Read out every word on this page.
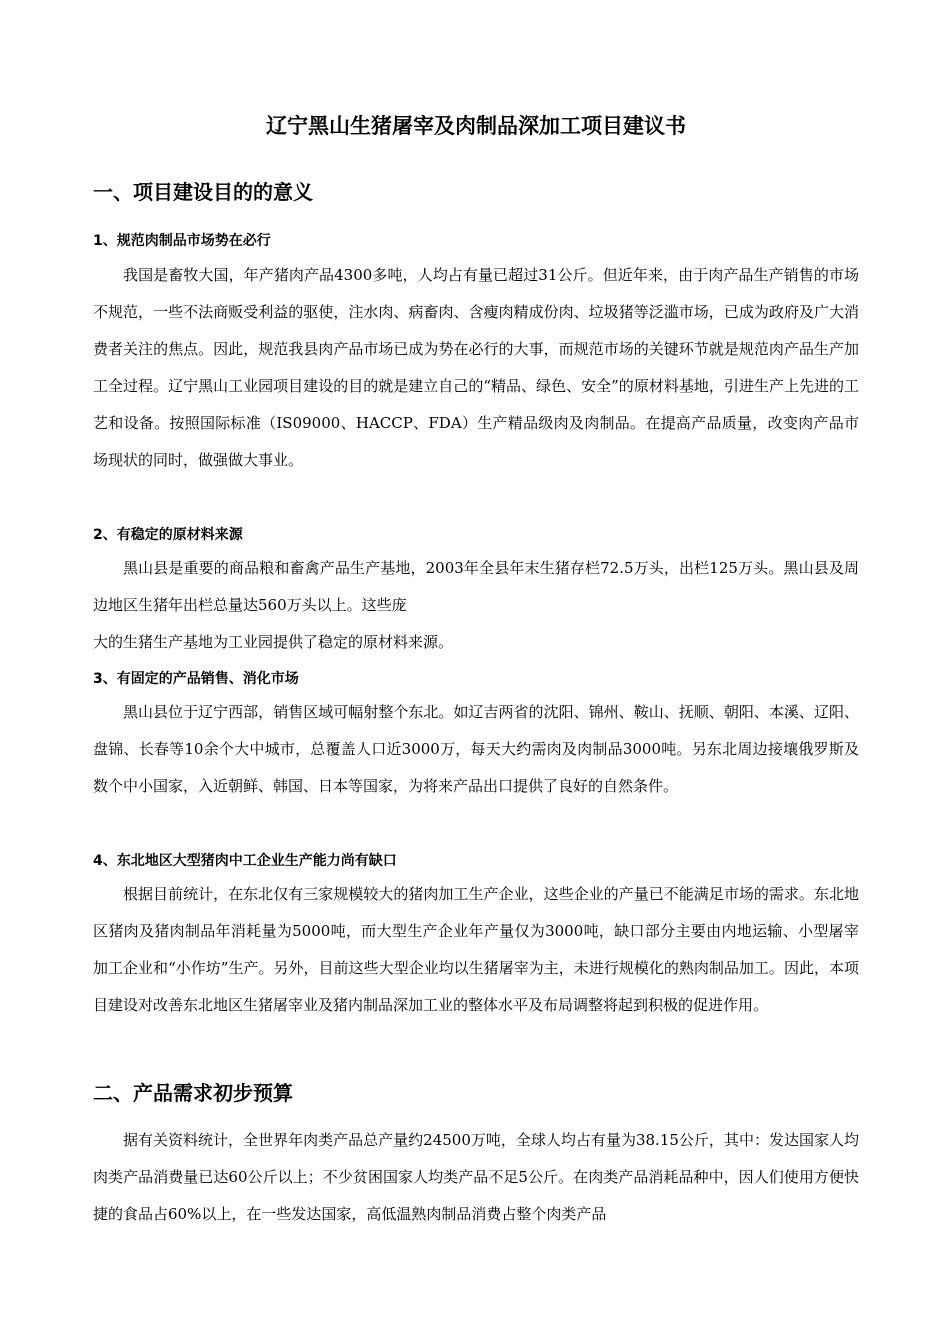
辽宁黑山生猪屠宰及肉制品深加工项目建议书
一、项目建设目的的意义
1、规范肉制品市场势在必行

我国是畜牧大国，年产猪肉产品4300多吨，人均占有量已超过31公斤。但近年来，由于肉产品生产销售的市场不规范，一些不法商贩受利益的驱使，注水肉、病畜肉、含瘦肉精成份肉、垃圾猪等泛滥市场，已成为政府及广大消费者关注的焦点。因此，规范我县肉产品市场已成为势在必行的大事，而规范市场的关键环节就是规范肉产品生产加工全过程。辽宁黑山工业园项目建设的目的就是建立自己的“精品、绿色、安全”的原材料基地，引进生产上先进的工艺和设备。按照国际标准（IS09000、HACCP、FDA）生产精品级肉及肉制品。在提高产品质量，改变肉产品市场现状的同时，做强做大事业。

2、有稳定的原材料来源

黑山县是重要的商品粮和畜禽产品生产基地，2003年全县年末生猪存栏72.5万头，出栏125万头。黑山县及周边地区生猪年出栏总量达560万头以上。这些庞

大的生猪生产基地为工业园提供了稳定的原材料来源。

3、有固定的产品销售、消化市场

黑山县位于辽宁西部，销售区域可幅射整个东北。如辽吉两省的沈阳、锦州、鞍山、抚顺、朝阳、本溪、辽阳、盘锦、长春等10余个大中城市，总覆盖人口近3000万，每天大约需肉及肉制品3000吨。另东北周边接壤俄罗斯及数个中小国家，入近朝鲜、韩国、日本等国家，为将来产品出口提供了良好的自然条件。

4、东北地区大型猪肉中工企业生产能力尚有缺口

根据目前统计，在东北仅有三家规模较大的猪肉加工生产企业，这些企业的产量已不能满足市场的需求。东北地区猪肉及猪肉制品年消耗量为5000吨，而大型生产企业年产量仅为3000吨，缺口部分主要由内地运输、小型屠宰加工企业和“小作坊”生产。另外，目前这些大型企业均以生猪屠宰为主，未进行规模化的熟肉制品加工。因此，本项目建设对改善东北地区生猪屠宰业及猪内制品深加工业的整体水平及布局调整将起到积极的促进作用。

二、产品需求初步预算

据有关资料统计，全世界年肉类产品总产量约24500万吨，全球人均占有量为38.15公斤，其中：发达国家人均肉类产品消费量已达60公斤以上；不少贫困国家人均类产品不足5公斤。在肉类产品消耗品种中，因人们使用方便快捷的食品占60%以上，在一些发达国家，高低温熟肉制品消费占整个肉类产品
